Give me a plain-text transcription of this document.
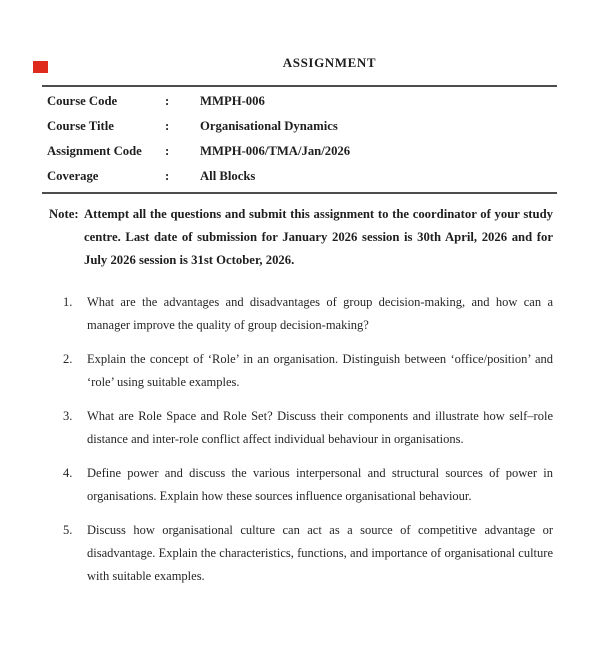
ASSIGNMENT
Course Code	:	MMPH-006
Course Title	:	Organisational Dynamics
Assignment Code	:	MMPH-006/TMA/Jan/2026
Coverage	:	All Blocks
Note: Attempt all the questions and submit this assignment to the coordinator of your study centre. Last date of submission for January 2026 session is 30th April, 2026 and for July 2026 session is 31st October, 2026.
1.	What are the advantages and disadvantages of group decision-making, and how can a manager improve the quality of group decision-making?
2.	Explain the concept of ‘Role’ in an organisation. Distinguish between ‘office/position’ and ‘role’ using suitable examples.
3.	What are Role Space and Role Set? Discuss their components and illustrate how self–role distance and inter-role conflict affect individual behaviour in organisations.
4.	Define power and discuss the various interpersonal and structural sources of power in organisations. Explain how these sources influence organisational behaviour.
5.	Discuss how organisational culture can act as a source of competitive advantage or disadvantage. Explain the characteristics, functions, and importance of organisational culture with suitable examples.
